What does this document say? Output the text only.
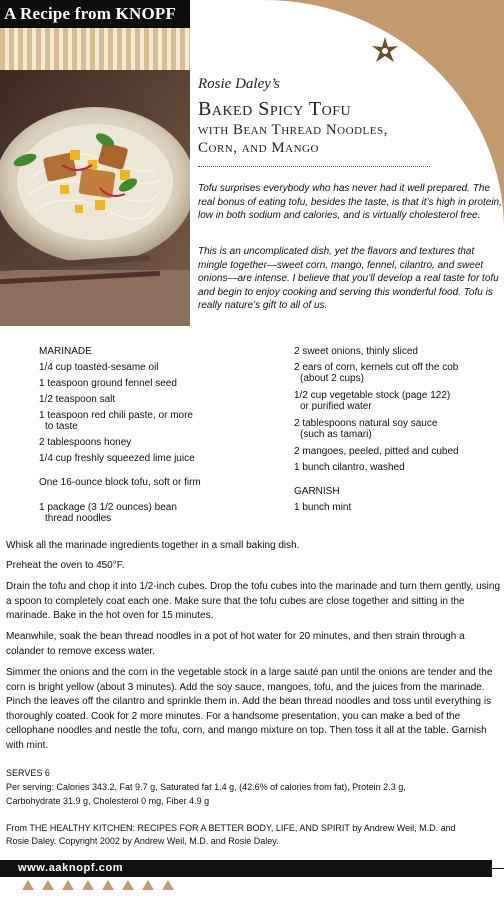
A Recipe from KNOPF
Rosie Daley’s
Baked Spicy Tofu
with Bean Thread Noodles,
Corn, and Mango
Tofu surprises everybody who has never had it well prepared. The real bonus of eating tofu, besides the taste, is that it’s high in protein, low in both sodium and calories, and is virtually cholesterol free.
This is an uncomplicated dish, yet the flavors and textures that mingle together—sweet corn, mango, fennel, cilantro, and sweet onions—are intense. I believe that you’ll develop a real taste for tofu and begin to enjoy cooking and serving this wonderful food. Tofu is really nature’s gift to all of us.
MARINADE
1/4 cup toasted-sesame oil
1 teaspoon ground fennel seed
1/2 teaspoon salt
1 teaspoon red chili paste, or more
to taste
2 tablespoons honey
1/4 cup freshly squeezed lime juice
One 16-ounce block tofu, soft or firm
1 package (3 1/2 ounces) bean
thread noodles
2 sweet onions, thinly sliced
2 ears of corn, kernels cut off the cob
(about 2 cups)
1/2 cup vegetable stock (page 122)
or purified water
2 tablespoons natural soy sauce
(such as tamari)
2 mangoes, peeled, pitted and cubed
1 bunch cilantro, washed
GARNISH
1 bunch mint
Whisk all the marinade ingredients together in a small baking dish.
Preheat the oven to 450°F.
Drain the tofu and chop it into 1/2-inch cubes. Drop the tofu cubes into the marinade and turn them gently, using a spoon to completely coat each one. Make sure that the tofu cubes are close together and sitting in the marinade. Bake in the hot oven for 15 minutes.
Meanwhile, soak the bean thread noodles in a pot of hot water for 20 minutes, and then strain through a colander to remove excess water.
Simmer the onions and the corn in the vegetable stock in a large sauté pan until the onions are tender and the corn is bright yellow (about 3 minutes). Add the soy sauce, mangoes, tofu, and the juices from the marinade. Pinch the leaves off the cilantro and sprinkle them in. Add the bean thread noodles and toss until everything is thoroughly coated. Cook for 2 more minutes. For a handsome presentation, you can make a bed of the cellophane noodles and nestle the tofu, corn, and mango mixture on top. Then toss it all at the table. Garnish with mint.
SERVES 6
Per serving: Calories 343.2, Fat 9.7 g, Saturated fat 1.4 g, (42.6% of calories from fat), Protein 2.3 g,
Carbohydrate 31.9 g, Cholesterol 0 mg, Fiber 4.9 g
From THE HEALTHY KITCHEN: RECIPES FOR A BETTER BODY, LIFE, AND SPIRIT by Andrew Weil, M.D. and
Rosie Daley. Copyright 2002 by Andrew Weil, M.D. and Rosie Daley.
www.aaknopf.com
